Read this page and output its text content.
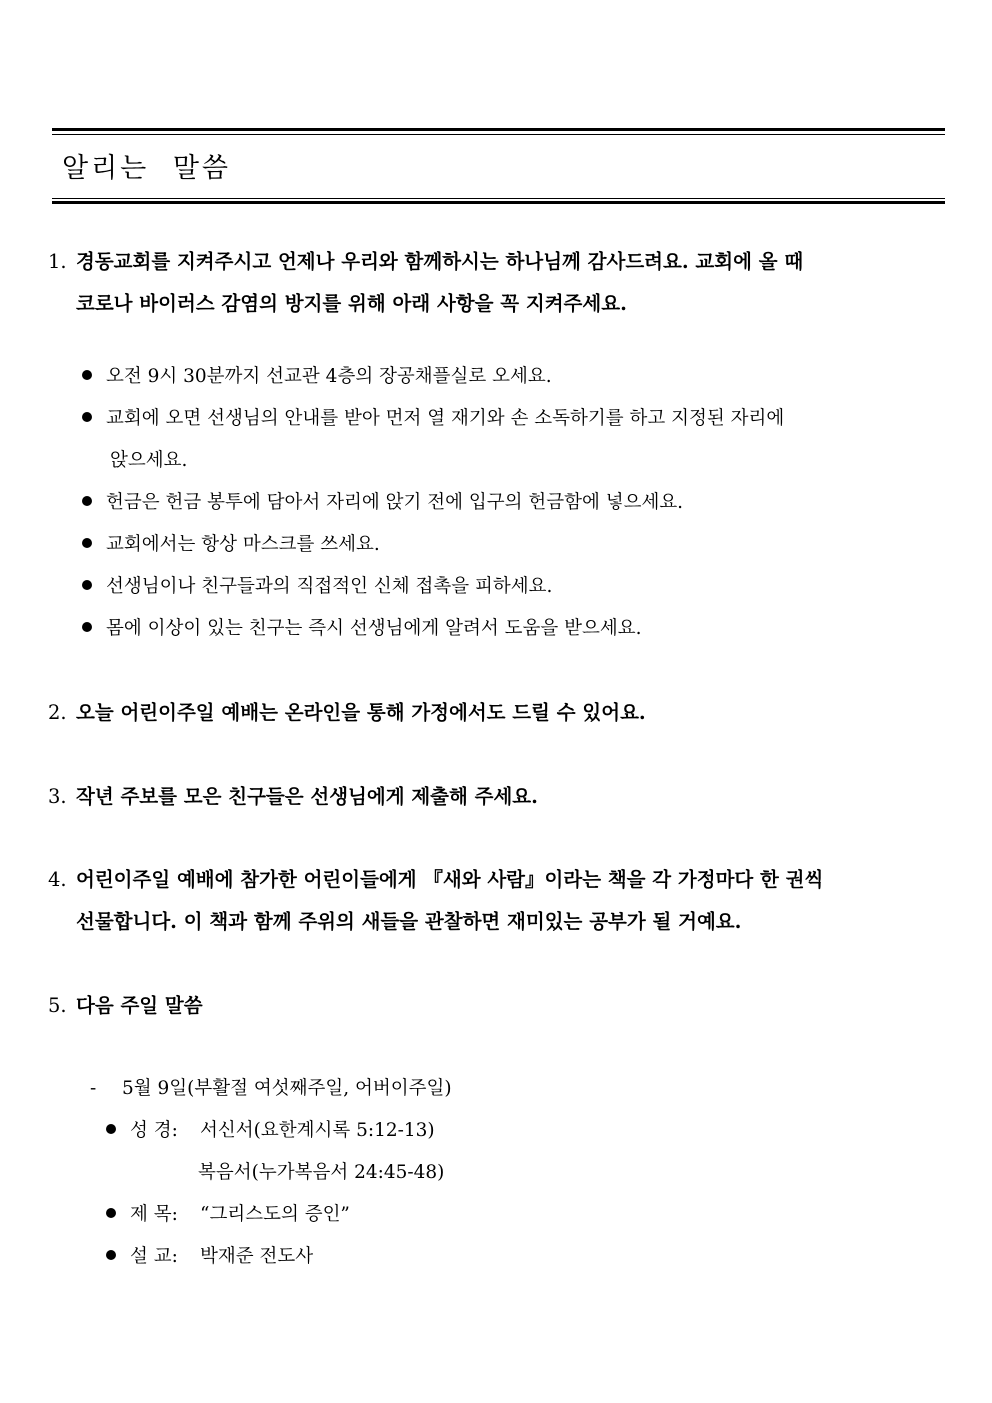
알리는 말씀
1. 경동교회를 지켜주시고 언제나 우리와 함께하시는 하나님께 감사드려요. 교회에 올 때
코로나 바이러스 감염의 방지를 위해 아래 사항을 꼭 지켜주세요.
오전 9시 30분까지 선교관 4층의 장공채플실로 오세요.
교회에 오면 선생님의 안내를 받아 먼저 열 재기와 손 소독하기를 하고 지정된 자리에
앉으세요.
헌금은 헌금 봉투에 담아서 자리에 앉기 전에 입구의 헌금함에 넣으세요.
교회에서는 항상 마스크를 쓰세요.
선생님이나 친구들과의 직접적인 신체 접촉을 피하세요.
몸에 이상이 있는 친구는 즉시 선생님에게 알려서 도움을 받으세요.
2. 오늘 어린이주일 예배는 온라인을 통해 가정에서도 드릴 수 있어요.
3. 작년 주보를 모은 친구들은 선생님에게 제출해 주세요.
4. 어린이주일 예배에 참가한 어린이들에게 『새와 사람』이라는 책을 각 가정마다 한 권씩
선물합니다. 이 책과 함께 주위의 새들을 관찰하면 재미있는 공부가 될 거예요.
5. 다음 주일 말씀
- 5월 9일(부활절 여섯째주일, 어버이주일)
성 경: 서신서(요한계시록 5:12-13)
복음서(누가복음서 24:45-48)
제 목: “그리스도의 증인”
설 교: 박재준 전도사
